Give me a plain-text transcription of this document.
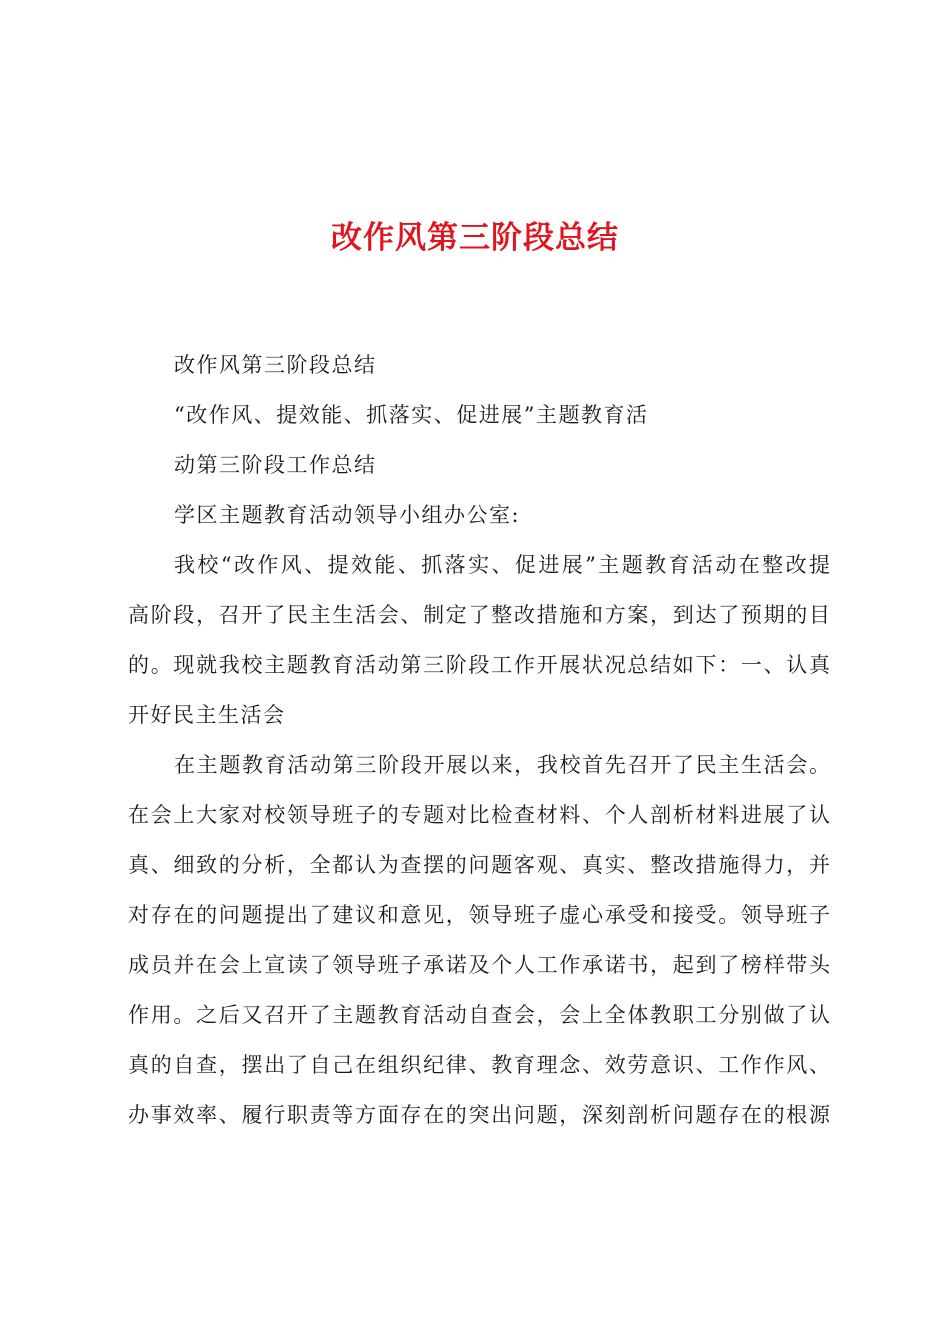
改作风第三阶段总结
改作风第三阶段总结
“改作风、提效能、抓落实、促进展”主题教育活
动第三阶段工作总结
学区主题教育活动领导小组办公室:
我校“改作风、提效能、抓落实、促进展”主题教育活动在整改提
高阶段，召开了民主生活会、制定了整改措施和方案，到达了预期的目
的。现就我校主题教育活动第三阶段工作开展状况总结如下：一、认真
开好民主生活会
在主题教育活动第三阶段开展以来，我校首先召开了民主生活会。
在会上大家对校领导班子的专题对比检查材料、个人剖析材料进展了认
真、细致的分析，全都认为查摆的问题客观、真实、整改措施得力，并
对存在的问题提出了建议和意见，领导班子虚心承受和接受。领导班子
成员并在会上宣读了领导班子承诺及个人工作承诺书，起到了榜样带头
作用。之后又召开了主题教育活动自查会，会上全体教职工分别做了认
真的自查，摆出了自己在组织纪律、教育理念、效劳意识、工作作风、
办事效率、履行职责等方面存在的突出问题，深刻剖析问题存在的根源
